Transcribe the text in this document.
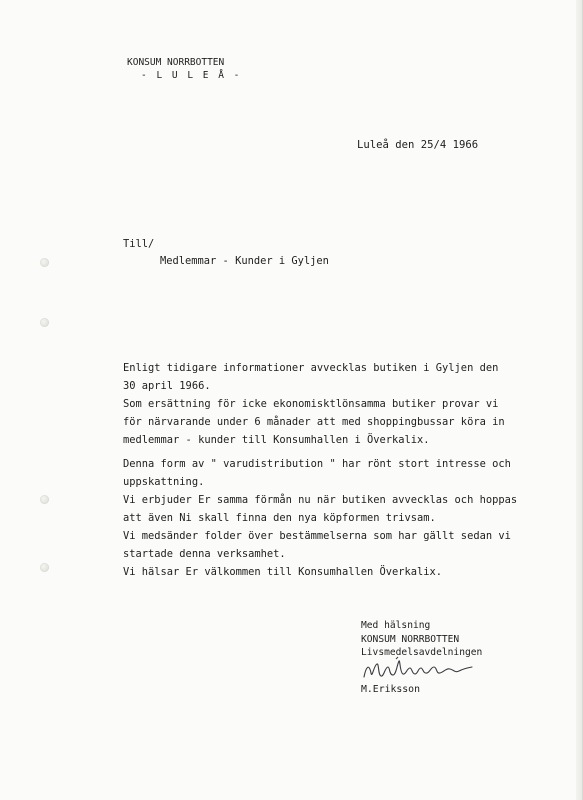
KONSUM NORRBOTTEN
- L U L E Å -
Luleå den 25/4 1966
Till/
Medlemmar - Kunder i Gyljen
Enligt tidigare informationer avvecklas butiken i Gyljen den
30 april 1966.
Som ersättning för icke ekonomisktlönsamma butiker provar vi
för närvarande under 6 månader att med shoppingbussar köra in
medlemmar - kunder till Konsumhallen i Överkalix.
Denna form av " varudistribution " har rönt stort intresse och
uppskattning.
Vi erbjuder Er samma förmån nu när butiken avvecklas och hoppas
att även Ni skall finna den nya köpformen trivsam.
Vi medsänder folder över bestämmelserna som har gällt sedan vi
startade denna verksamhet.
Vi hälsar Er välkommen till Konsumhallen Överkalix.
Med hälsning
KONSUM NORRBOTTEN
Livsmedelsavdelningen
M.Eriksson
